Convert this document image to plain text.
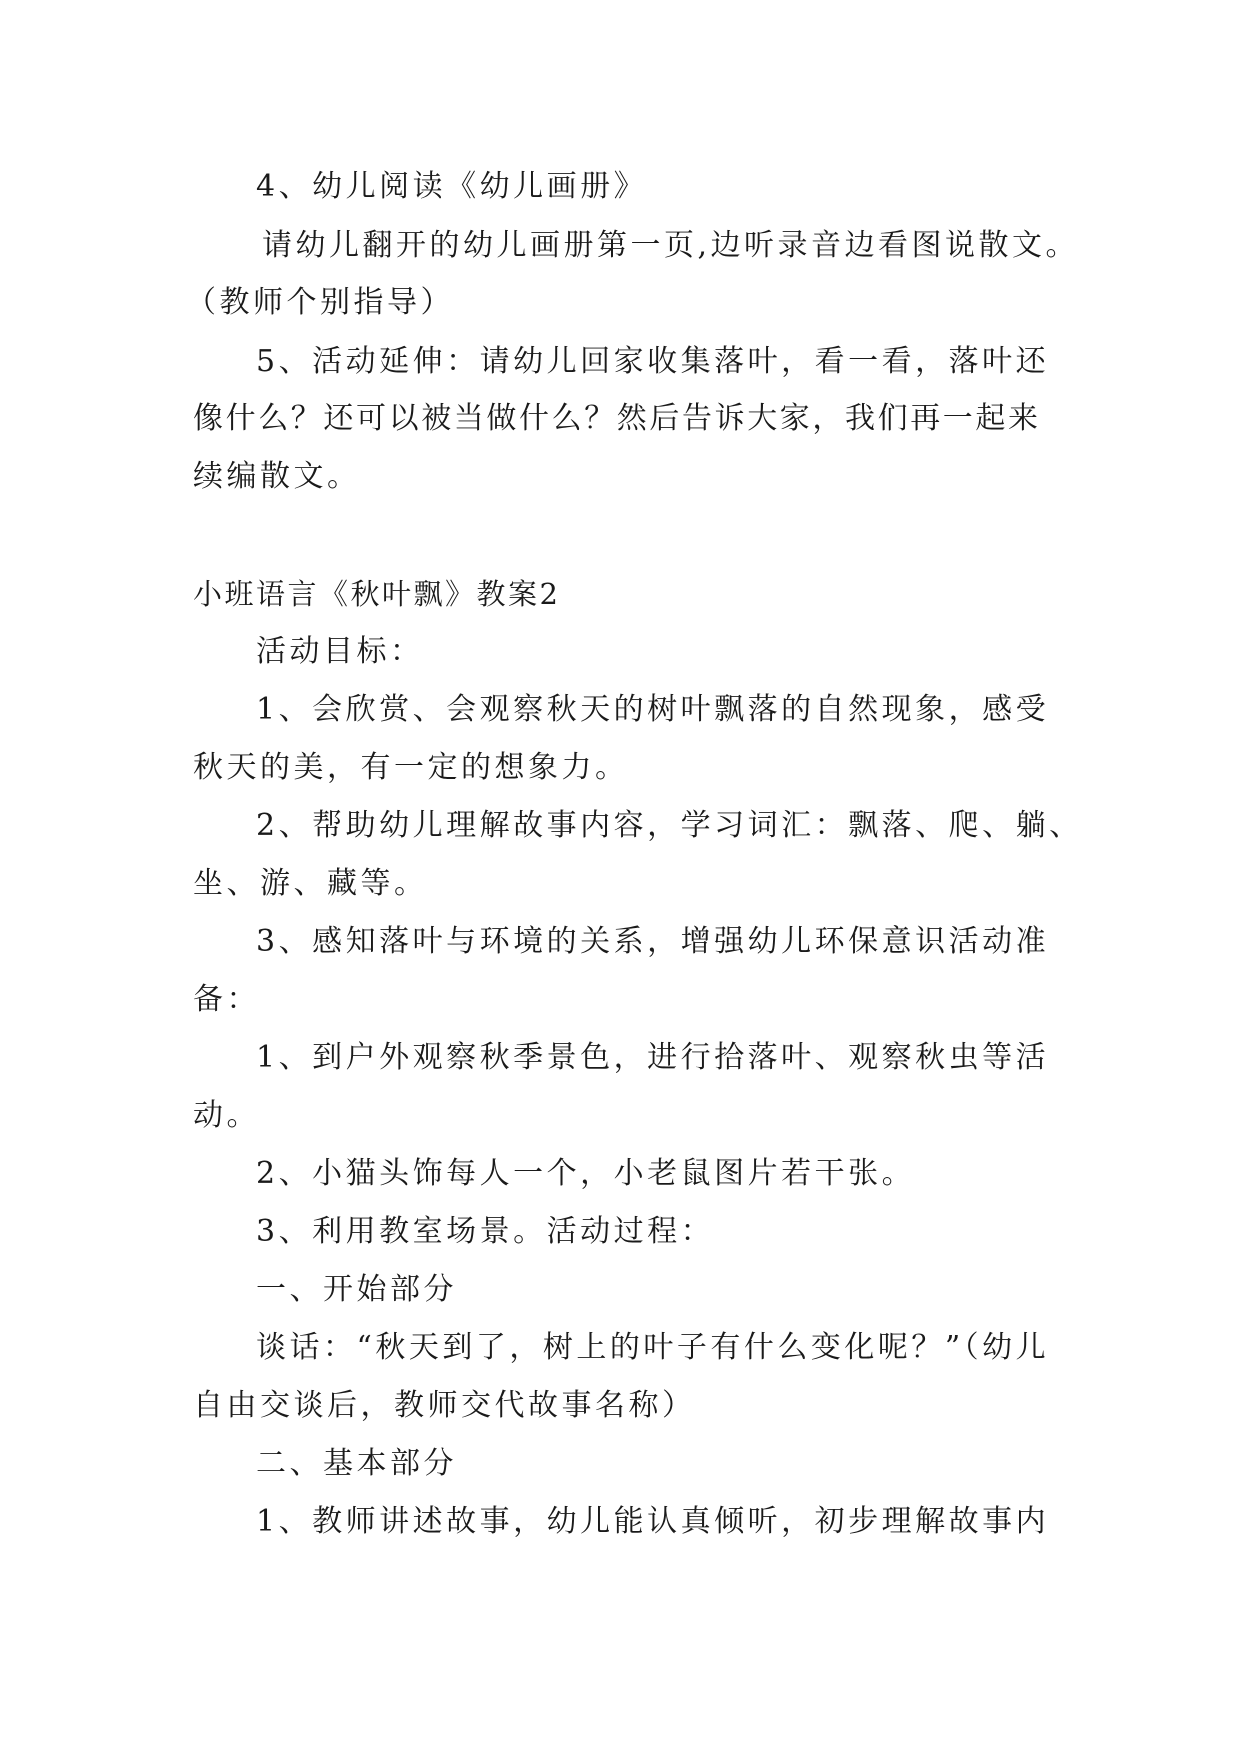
4、幼儿阅读《幼儿画册》
请幼儿翻开的幼儿画册第一页,边听录音边看图说散文。
（教师个别指导）
5、活动延伸：请幼儿回家收集落叶，看一看，落叶还
像什么？还可以被当做什么？然后告诉大家，我们再一起来
续编散文。
小班语言《秋叶飘》教案2
活动目标：
1、会欣赏、会观察秋天的树叶飘落的自然现象，感受
秋天的美，有一定的想象力。
2、帮助幼儿理解故事内容，学习词汇：飘落、爬、躺、
坐、游、藏等。
3、感知落叶与环境的关系，增强幼儿环保意识活动准
备：
1、到户外观察秋季景色，进行拾落叶、观察秋虫等活
动。
2、小猫头饰每人一个，小老鼠图片若干张。
3、利用教室场景。活动过程：
一、开始部分
谈话：“秋天到了，树上的叶子有什么变化呢？”（幼儿
自由交谈后，教师交代故事名称）
二、基本部分
1、教师讲述故事，幼儿能认真倾听，初步理解故事内
